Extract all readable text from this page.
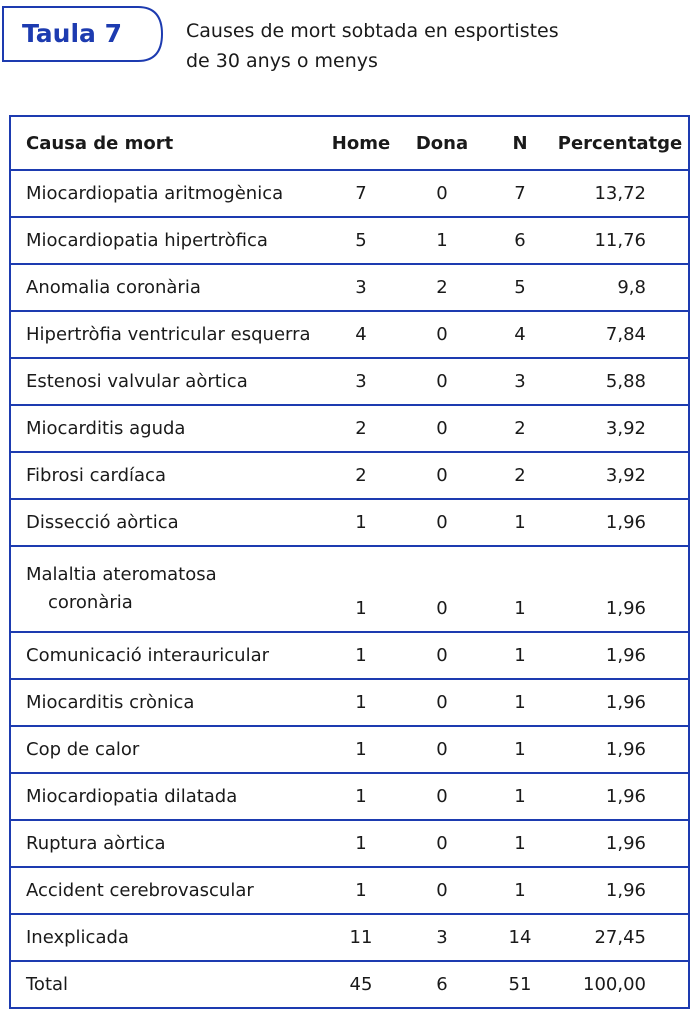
Taula 7	Causes de mort sobtada en esportistes
de 30 anys o menys
Causa de mort	Home	Dona	N	Percentatge
Miocardiopatia aritmogènica	7	0	7	13,72
Miocardiopatia hipertròfica	5	1	6	11,76
Anomalia coronària	3	2	5	9,8
Hipertròfia ventricular esquerra	4	0	4	7,84
Estenosi valvular aòrtica	3	0	3	5,88
Miocarditis aguda	2	0	2	3,92
Fibrosi cardíaca	2	0	2	3,92
Dissecció aòrtica	1	0	1	1,96
Malaltia ateromatosa
coronària	1	0	1	1,96
Comunicació interauricular	1	0	1	1,96
Miocarditis crònica	1	0	1	1,96
Cop de calor	1	0	1	1,96
Miocardiopatia dilatada	1	0	1	1,96
Ruptura aòrtica	1	0	1	1,96
Accident cerebrovascular	1	0	1	1,96
Inexplicada	11	3	14	27,45
Total	45	6	51	100,00
